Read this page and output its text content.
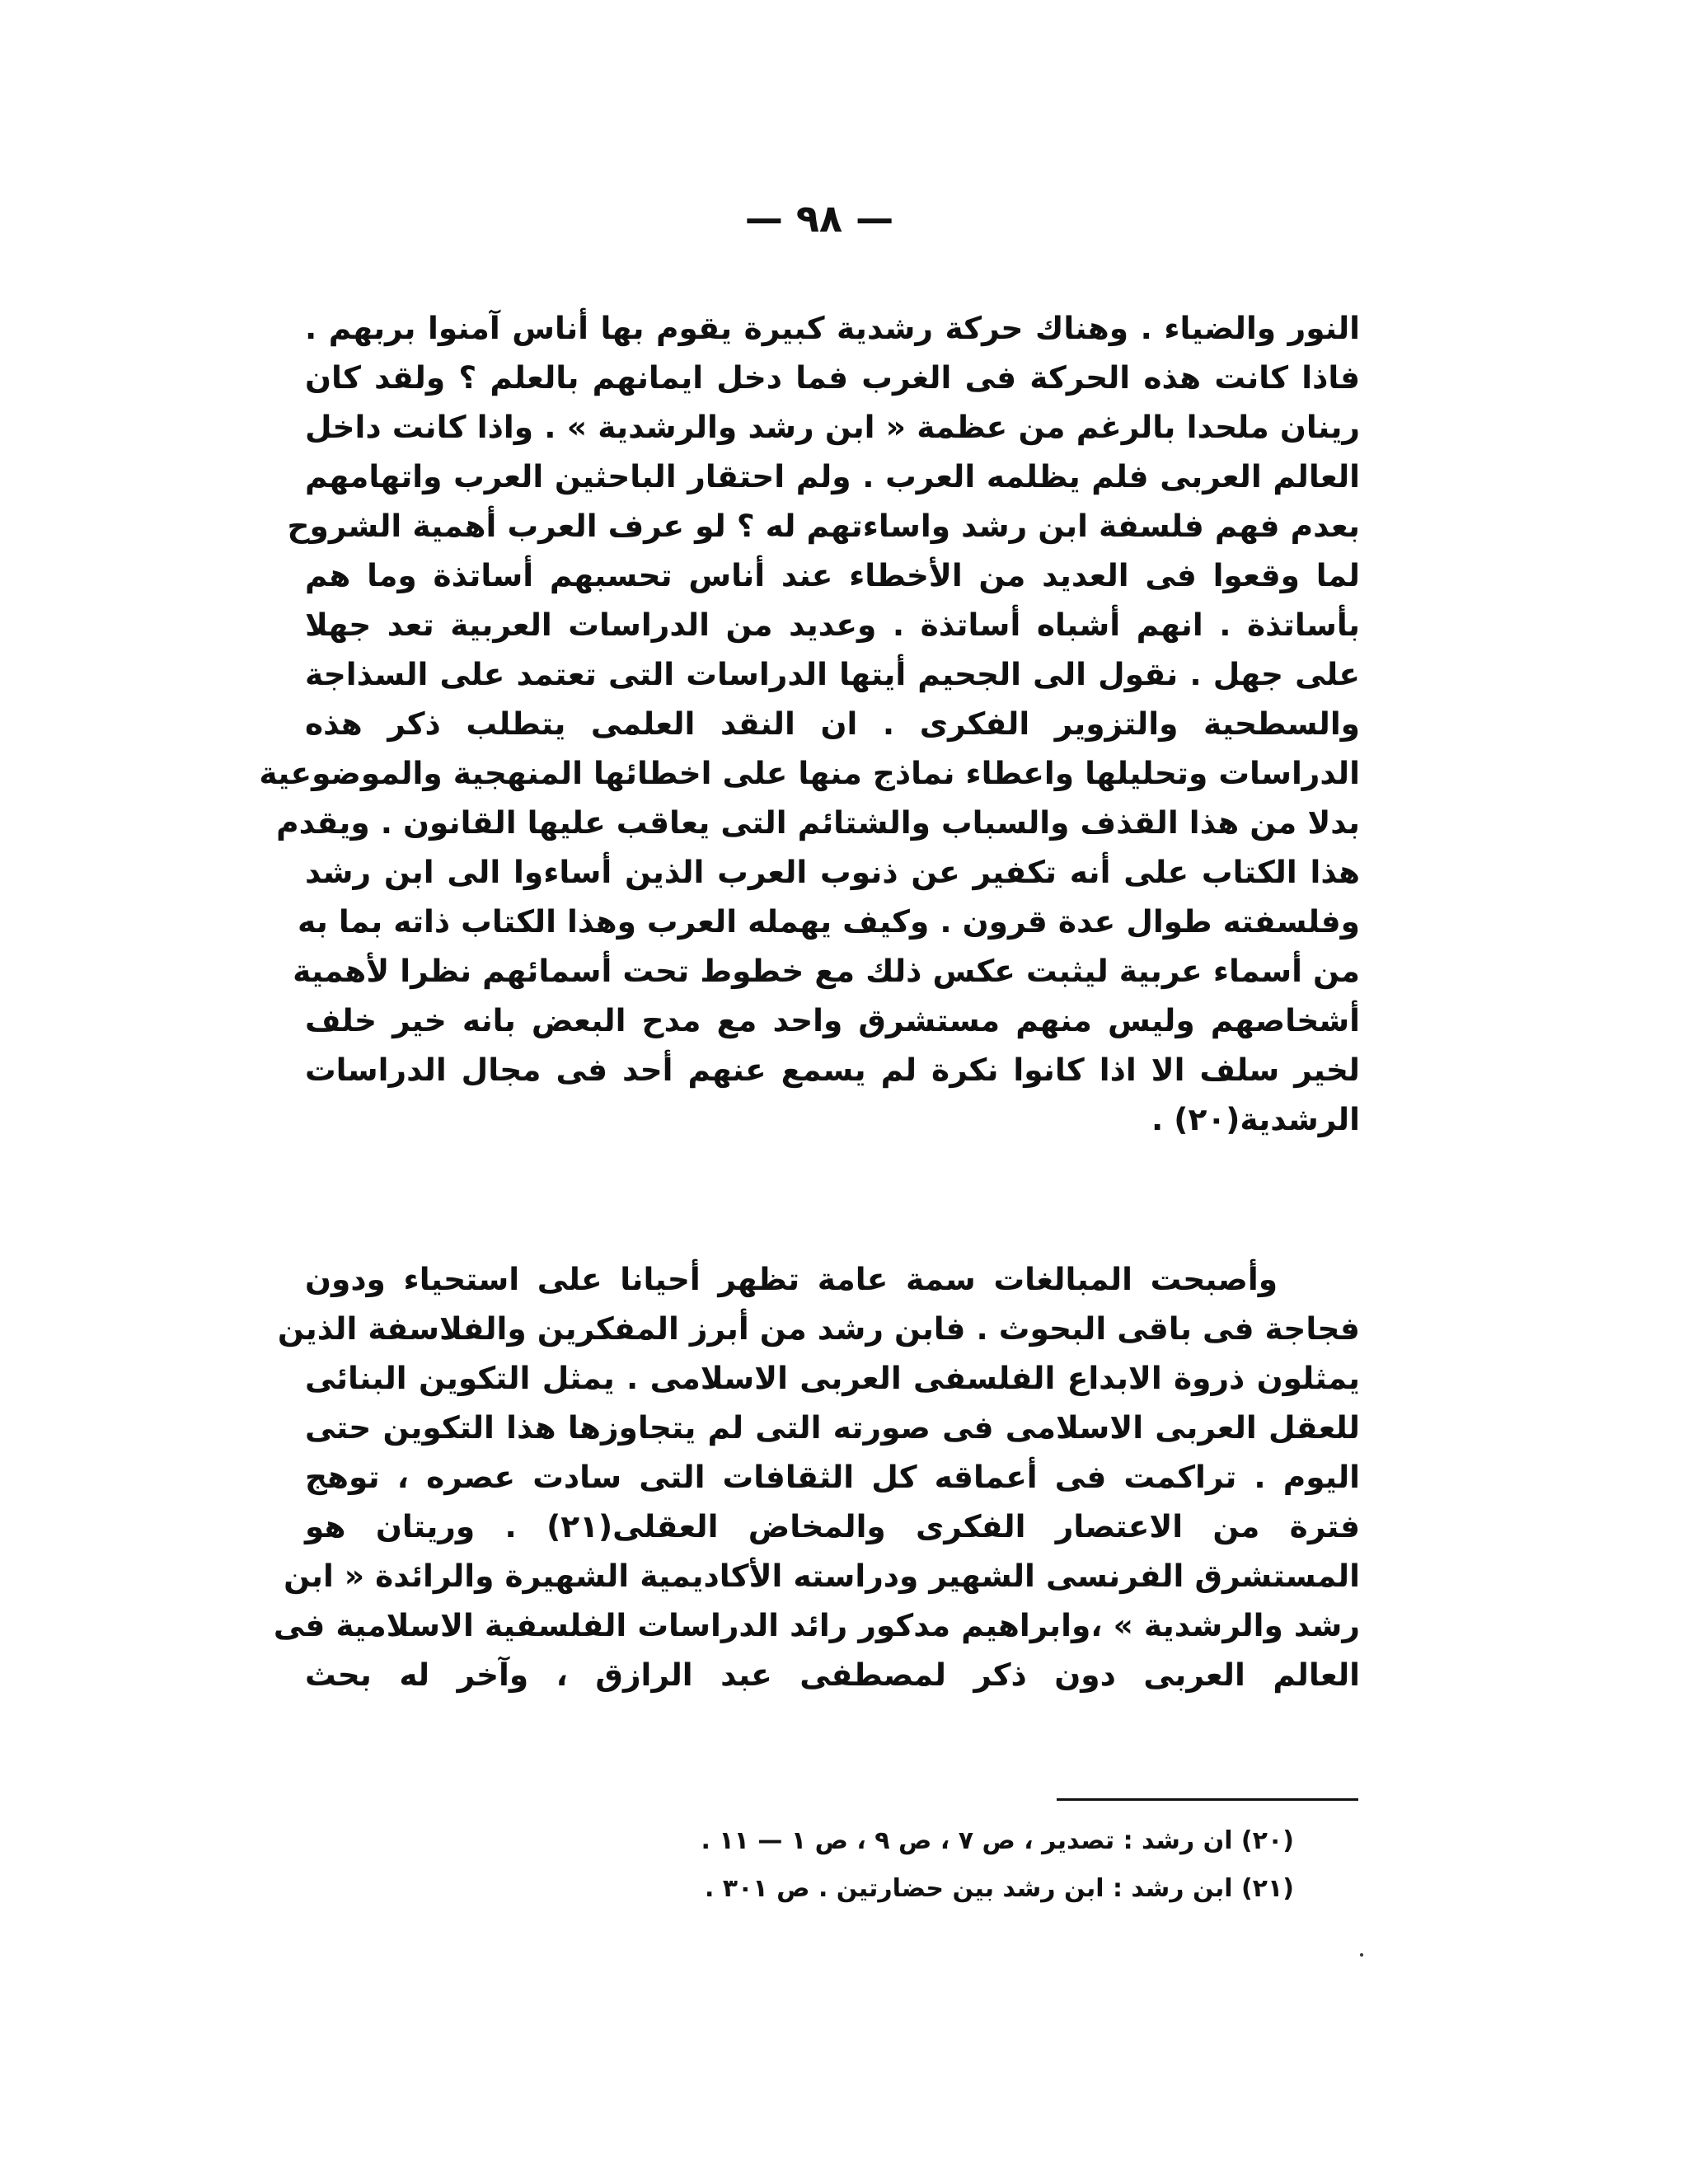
— ٩٨ —
النور والضياء . وهناك حركة رشدية كبيرة يقوم بها أناس آمنوا بربهم .
فاذا كانت هذه الحركة فى الغرب فما دخل ايمانهم بالعلم ؟ ولقد كان
رينان ملحدا بالرغم من عظمة « ابن رشد والرشدية » . واذا كانت داخل
العالم العربى فلم يظلمه العرب . ولم احتقار الباحثين العرب واتهامهم
بعدم فهم فلسفة ابن رشد واساءتهم له ؟ لو عرف العرب أهمية الشروح
لما وقعوا فى العديد من الأخطاء عند أناس تحسبهم أساتذة وما هم
بأساتذة . انهم أشباه أساتذة . وعديد من الدراسات العربية تعد جهلا
على جهل . نقول الى الجحيم أيتها الدراسات التى تعتمد على السذاجة
والسطحية والتزوير الفكرى . ان النقد العلمى يتطلب ذكر هذه
الدراسات وتحليلها واعطاء نماذج منها على اخطائها المنهجية والموضوعية
بدلا من هذا القذف والسباب والشتائم التى يعاقب عليها القانون . ويقدم
هذا الكتاب على أنه تكفير عن ذنوب العرب الذين أساءوا الى ابن رشد
وفلسفته طوال عدة قرون . وكيف يهمله العرب وهذا الكتاب ذاته بما به
من أسماء عربية ليثبت عكس ذلك مع خطوط تحت أسمائهم نظرا لأهمية
أشخاصهم وليس منهم مستشرق واحد مع مدح البعض بانه خير خلف
لخير سلف الا اذا كانوا نكرة لم يسمع عنهم أحد فى مجال الدراسات
الرشدية(٢٠) .
وأصبحت المبالغات سمة عامة تظهر أحيانا على استحياء ودون
فجاجة فى باقى البحوث . فابن رشد من أبرز المفكرين والفلاسفة الذين
يمثلون ذروة الابداع الفلسفى العربى الاسلامى . يمثل التكوين البنائى
للعقل العربى الاسلامى فى صورته التى لم يتجاوزها هذا التكوين حتى
اليوم . تراكمت فى أعماقه كل الثقافات التى سادت عصره ، توهج
فترة من الاعتصار الفكرى والمخاض العقلى(٢١) . وريتان هو
المستشرق الفرنسى الشهير ودراسته الأكاديمية الشهيرة والرائدة « ابن
رشد والرشدية » ،وابراهيم مدكور رائد الدراسات الفلسفية الاسلامية فى
العالم العربى دون ذكر لمصطفى عبد الرازق ، وآخر له بحث
(٢٠) ان رشد : تصدير ، ص ٧ ، ص ٩ ، ص ١ — ١١ .
(٢١) ابن رشد : ابن رشد بين حضارتين . ص ٣٠١ .
